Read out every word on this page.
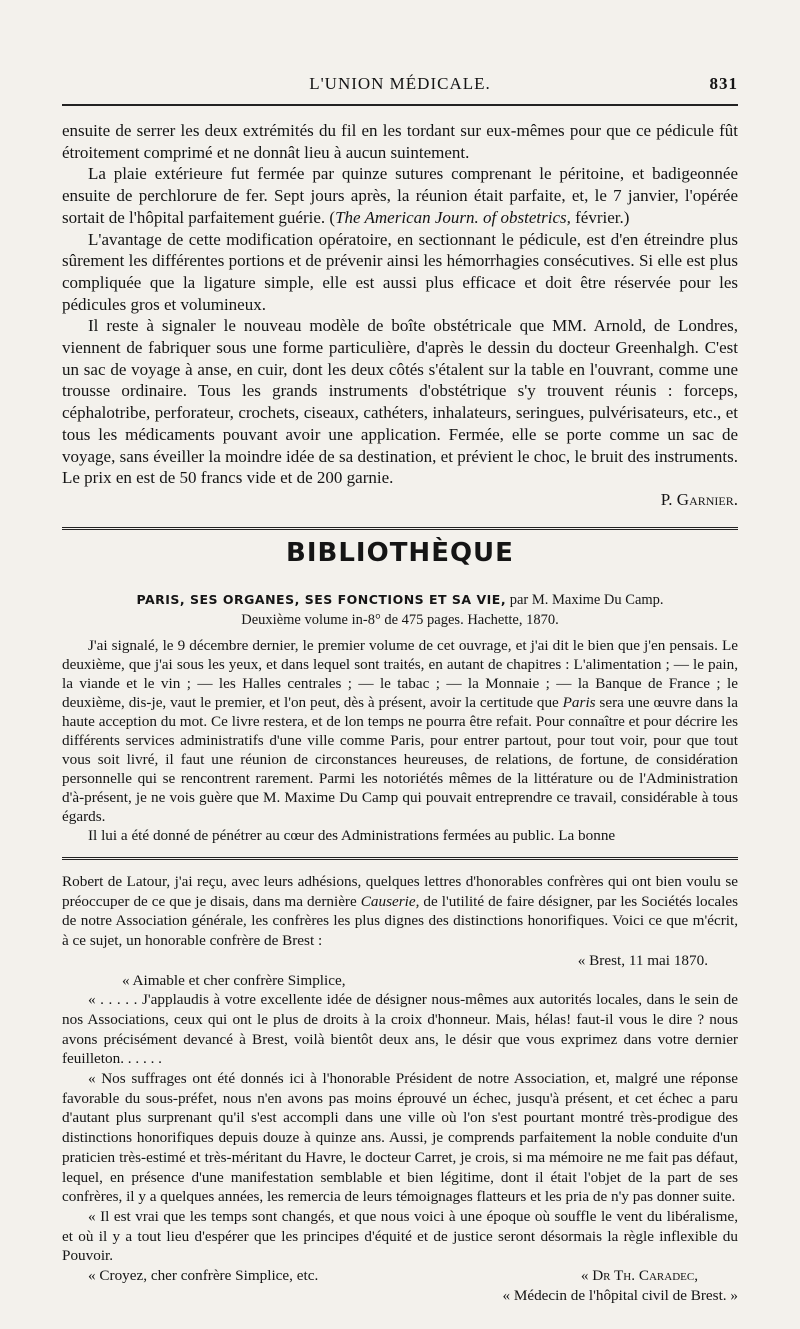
L'UNION MÉDICALE.	831

ensuite de serrer les deux extrémités du fil en les tordant sur eux-mêmes pour que ce pédicule fût étroitement comprimé et ne donnât lieu à aucun suintement.

La plaie extérieure fut fermée par quinze sutures comprenant le péritoine, et badigeonnée ensuite de perchlorure de fer. Sept jours après, la réunion était parfaite, et, le 7 janvier, l'opérée sortait de l'hôpital parfaitement guérie. (The American Journ. of obstetrics, février.)

L'avantage de cette modification opératoire, en sectionnant le pédicule, est d'en étreindre plus sûrement les différentes portions et de prévenir ainsi les hémorrhagies consécutives. Si elle est plus compliquée que la ligature simple, elle est aussi plus efficace et doit être réservée pour les pédicules gros et volumineux.

Il reste à signaler le nouveau modèle de boîte obstétricale que MM. Arnold, de Londres, viennent de fabriquer sous une forme particulière, d'après le dessin du docteur Greenhalgh. C'est un sac de voyage à anse, en cuir, dont les deux côtés s'étalent sur la table en l'ouvrant, comme une trousse ordinaire. Tous les grands instruments d'obstétrique s'y trouvent réunis : forceps, céphalotribe, perforateur, crochets, ciseaux, cathéters, inhalateurs, seringues, pulvérisateurs, etc., et tous les médicaments pouvant avoir une application. Fermée, elle se porte comme un sac de voyage, sans éveiller la moindre idée de sa destination, et prévient le choc, le bruit des instruments. Le prix en est de 50 francs vide et de 200 garnie.

P. Garnier.

BIBLIOTHÈQUE
PARIS, SES ORGANES, SES FONCTIONS ET SA VIE, par M. Maxime Du Camp.
Deuxième volume in-8° de 475 pages. Hachette, 1870.

J'ai signalé, le 9 décembre dernier, le premier volume de cet ouvrage, et j'ai dit le bien que j'en pensais. Le deuxième, que j'ai sous les yeux, et dans lequel sont traités, en autant de chapitres : L'alimentation ; — le pain, la viande et le vin ; — les Halles centrales ; — le tabac ; — la Monnaie ; — la Banque de France ; le deuxième, dis-je, vaut le premier, et l'on peut, dès à présent, avoir la certitude que Paris sera une œuvre dans la haute acception du mot. Ce livre restera, et de lon temps ne pourra être refait. Pour connaître et pour décrire les différents services administratifs d'une ville comme Paris, pour entrer partout, pour tout voir, pour que tout vous soit livré, il faut une réunion de circonstances heureuses, de relations, de fortune, de considération personnelle qui se rencontrent rarement. Parmi les notoriétés mêmes de la littérature ou de l'Administration d'à-présent, je ne vois guère que M. Maxime Du Camp qui pouvait entreprendre ce travail, considérable à tous égards.

Il lui a été donné de pénétrer au cœur des Administrations fermées au public. La bonne

Robert de Latour, j'ai reçu, avec leurs adhésions, quelques lettres d'honorables confrères qui ont bien voulu se préoccuper de ce que je disais, dans ma dernière Causerie, de l'utilité de faire désigner, par les Sociétés locales de notre Association générale, les confrères les plus dignes des distinctions honorifiques. Voici ce que m'écrit, à ce sujet, un honorable confrère de Brest :

« Brest, 11 mai 1870.

« Aimable et cher confrère Simplice,

« . . . . . J'applaudis à votre excellente idée de désigner nous-mêmes aux autorités locales, dans le sein de nos Associations, ceux qui ont le plus de droits à la croix d'honneur. Mais, hélas! faut-il vous le dire ? nous avons précisément devancé à Brest, voilà bientôt deux ans, le désir que vous exprimez dans votre dernier feuilleton. . . . . .

« Nos suffrages ont été donnés ici à l'honorable Président de notre Association, et, malgré une réponse favorable du sous-préfet, nous n'en avons pas moins éprouvé un échec, jusqu'à présent, et cet échec a paru d'autant plus surprenant qu'il s'est accompli dans une ville où l'on s'est pourtant montré très-prodigue des distinctions honorifiques depuis douze à quinze ans. Aussi, je comprends parfaitement la noble conduite d'un praticien très-estimé et très-méritant du Havre, le docteur Carret, je crois, si ma mémoire ne me fait pas défaut, lequel, en présence d'une manifestation semblable et bien légitime, dont il était l'objet de la part de ses confrères, il y a quelques années, les remercia de leurs témoignages flatteurs et les pria de n'y pas donner suite.

« Il est vrai que les temps sont changés, et que nous voici à une époque où souffle le vent du libéralisme, et où il y a tout lieu d'espérer que les principes d'équité et de justice seront désormais la règle inflexible du Pouvoir.

« Croyez, cher confrère Simplice, etc.	« Dr Th. Caradec,

« Médecin de l'hôpital civil de Brest. »
